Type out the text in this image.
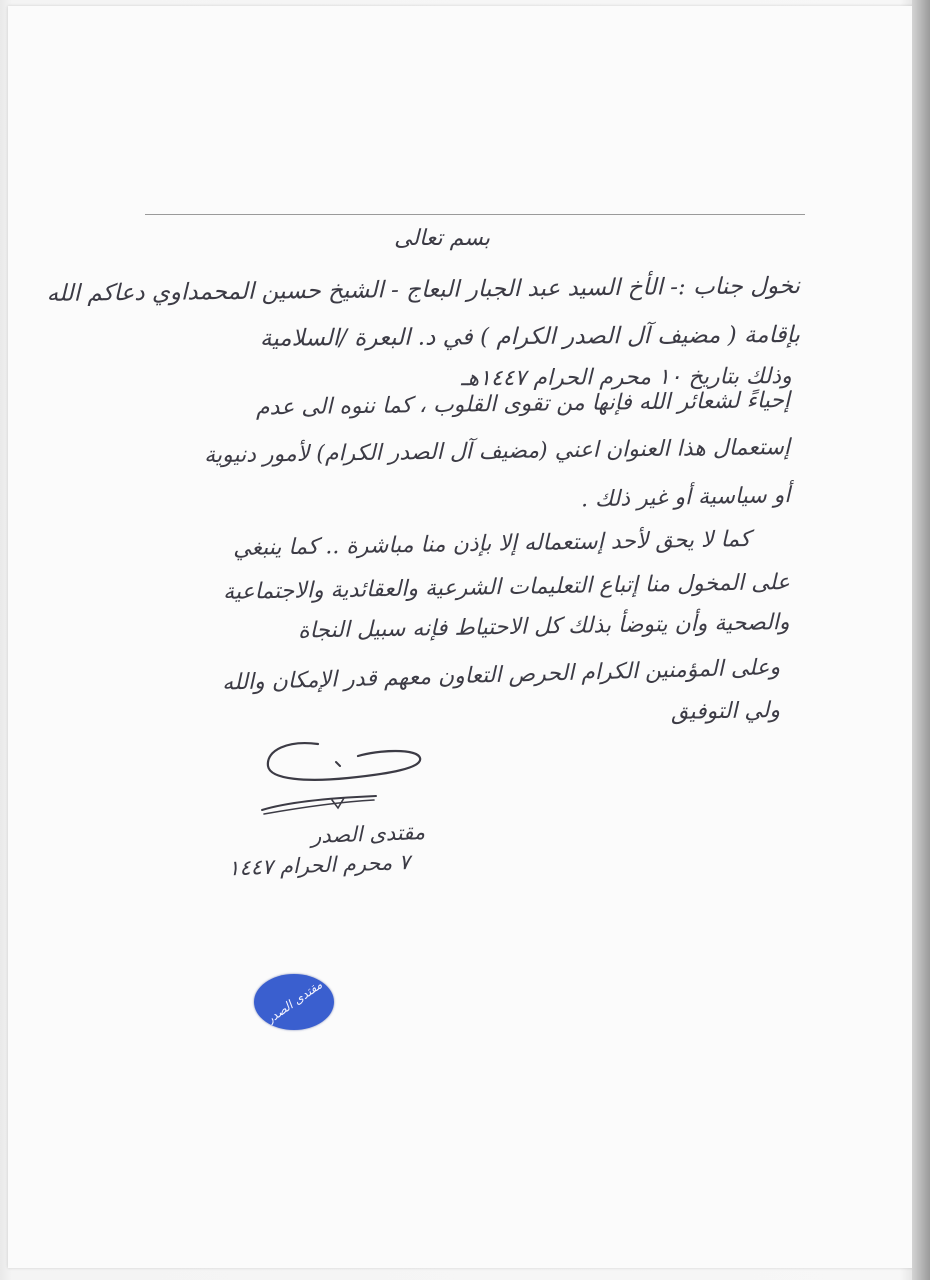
بسم تعالى
نخول جناب :- الأخ السيد عبد الجبار البعاج - الشيخ حسين المحمداوي دعاكم الله
بإقامة ( مضيف آل الصدر الكرام ) في د. البعرة /السلامية
وذلك بتاريخ ١٠ محرم الحرام ١٤٤٧هـ
إحياءً لشعائر الله فإنها من تقوى القلوب ، كما ننوه الى عدم
إستعمال هذا العنوان اعني (مضيف آل الصدر الكرام) لأمور دنيوية
أو سياسية أو غير ذلك .
كما لا يحق لأحد إستعماله إلا بإذن منا مباشرة .. كما ينبغي
على المخول منا إتباع التعليمات الشرعية والعقائدية والاجتماعية
والصحية وأن يتوضأ بذلك كل الاحتياط فإنه سبيل النجاة
وعلى المؤمنين الكرام الحرص التعاون معهم قدر الإمكان والله
ولي التوفيق
مقتدى الصدر
٧ محرم الحرام ١٤٤٧
مقتدى الصدر
